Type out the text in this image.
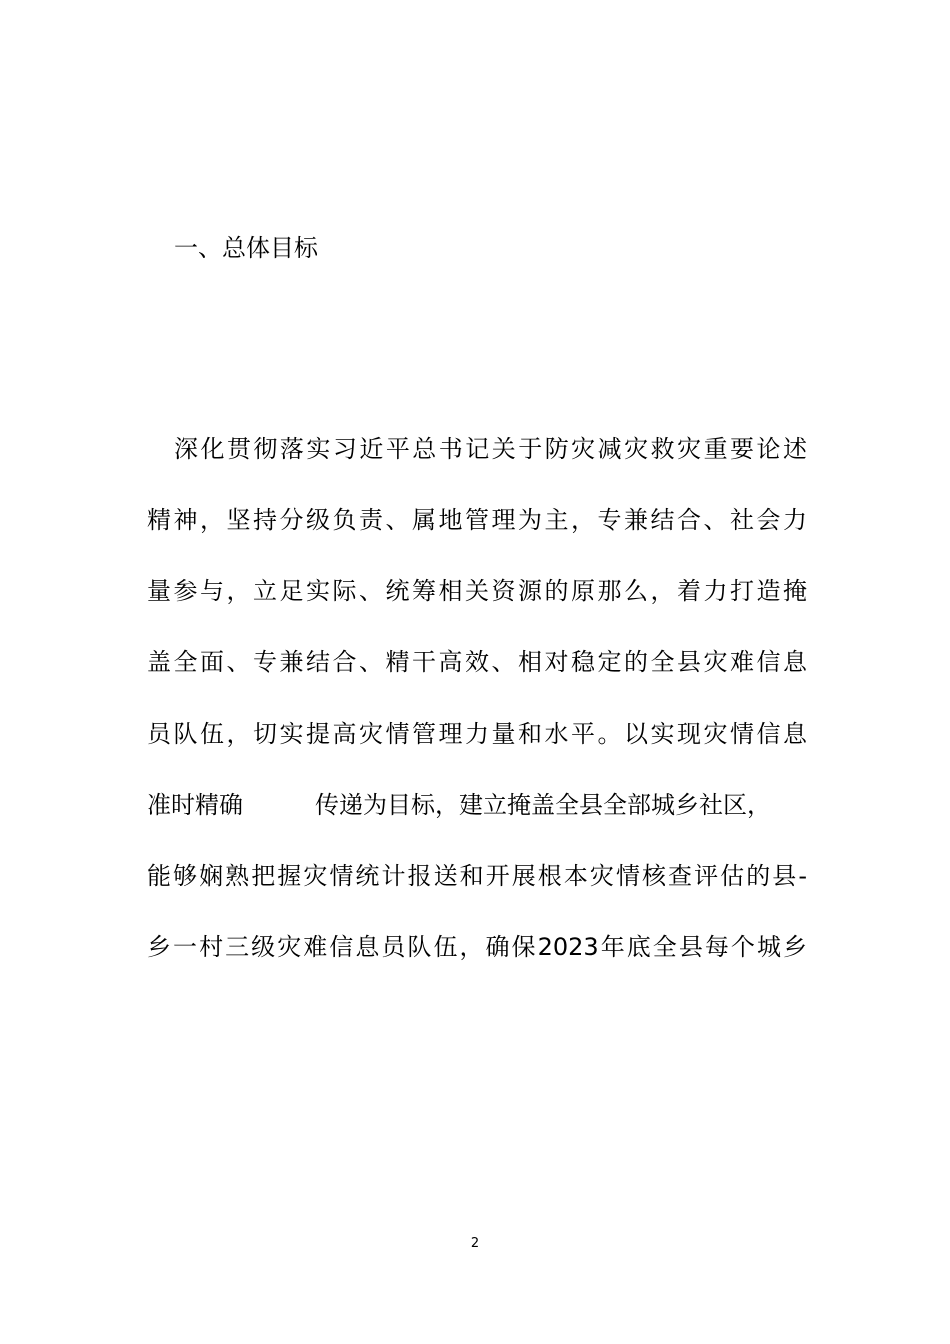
一、总体目标
深化贯彻落实习近平总书记关于防灾减灾救灾重要论述
精神，坚持分级负责、属地管理为主，专兼结合、社会力
量参与，立足实际、统筹相关资源的原那么，着力打造掩
盖全面、专兼结合、精干高效、相对稳定的全县灾难信息
员队伍，切实提高灾情管理力量和水平。以实现灾情信息
准时精确	传递为目标，建立掩盖全县全部城乡社区，
能够娴熟把握灾情统计报送和开展根本灾情核查评估的县-
乡一村三级灾难信息员队伍，确保2023年底全县每个城乡
2
